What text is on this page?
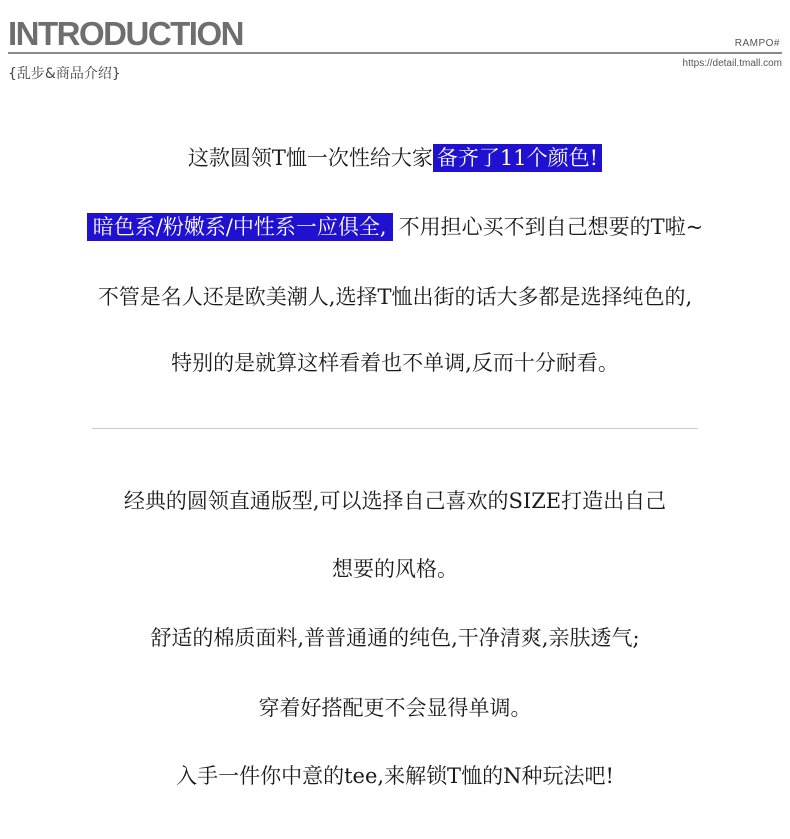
INTRODUCTION	RAMPO#
{乱步&商品介绍}
https://detail.tmall.com
这款圆领T恤一次性给大家 备齐了11个颜色!
暗色系/粉嫩系/中性系一应俱全, 不用担心买不到自己想要的T啦~
不管是名人还是欧美潮人,选择T恤出街的话大多都是选择纯色的,
特别的是就算这样看着也不单调,反而十分耐看。
经典的圆领直通版型,可以选择自己喜欢的SIZE打造出自己
想要的风格。
舒适的棉质面料,普普通通的纯色,干净清爽,亲肤透气;
穿着好搭配更不会显得单调。
入手一件你中意的tee,来解锁T恤的N种玩法吧!
